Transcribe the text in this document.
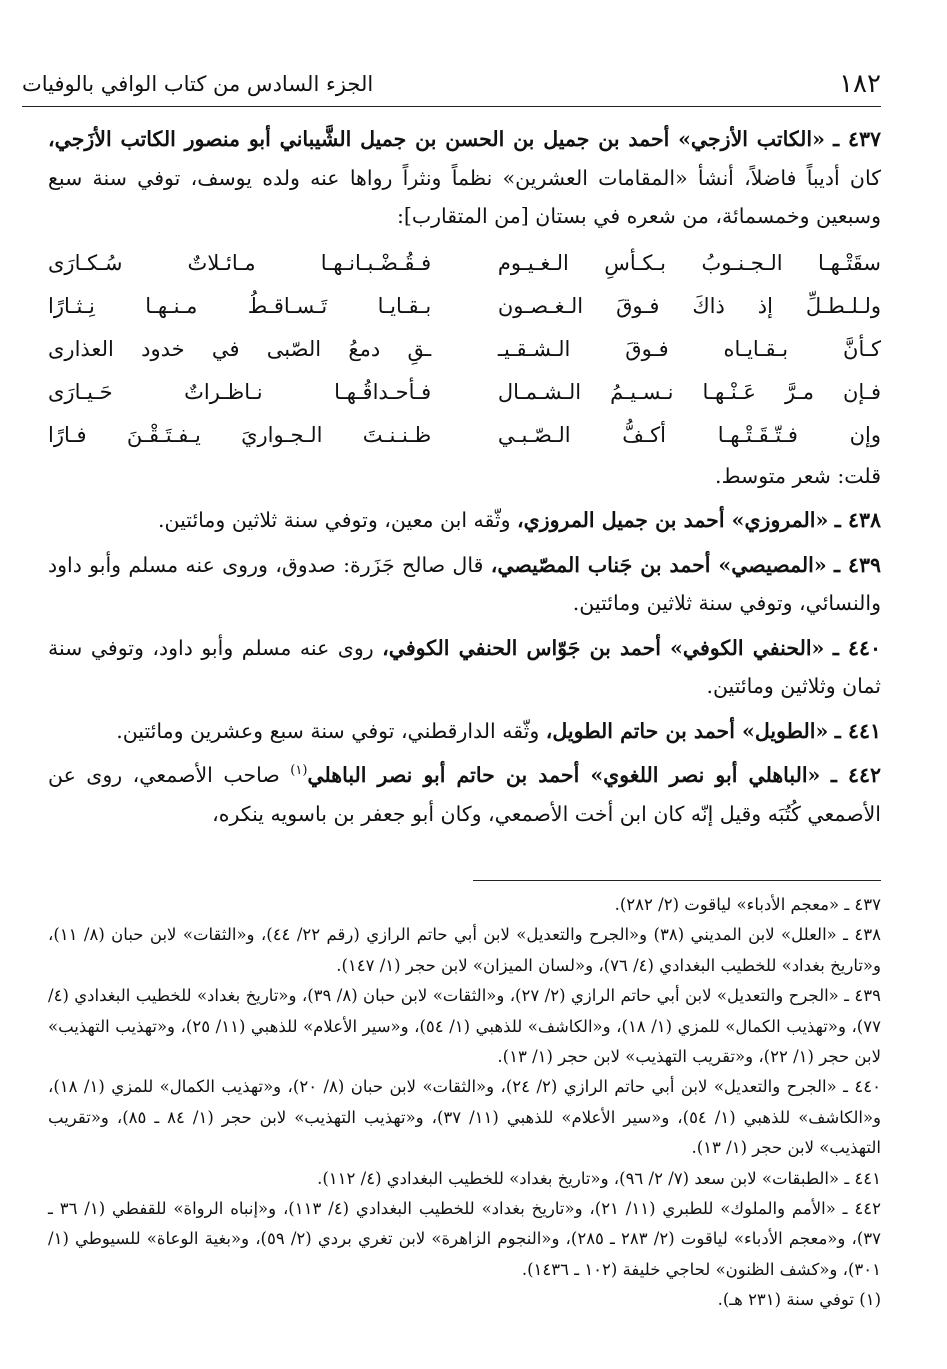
١٨٢
الجزء السادس من كتاب الوافي بالوفيات

٤٣٧ ـ «الكاتب الأزجي» أحمد بن جميل بن الحسن بن جميل الشَّيباني أبو منصور الكاتب الأزَجي، كان أديباً فاضلاً، أنشأ «المقامات العشرين» نظماً ونثراً رواها عنه ولده يوسف، توفي سنة سبع وسبعين وخمسمائة، من شعره في بستان [من المتقارب]:

سقَتْـهـا الـجـنـوبُ بـكـأسِ الـغـيـوم
فـقُـضْـبـانـهـا مـائـلاتٌ سُـكـارَى
ولـلـطـلِّ إذ ذاكَ فـوقَ الـغـصـون
بـقـايـا تَـسـاقـطُ مـنـهـا نِـثـارًا
كـأنَّ بـقـايـاه فـوقَ الـشـقـيـ
ـقِ دمعُ الصّبى في خدود العذارى
فـإن مـرَّ عَـنْـهـا نـسـيـمُ الـشـمـال
فـأحـداقُـهـا نـاظـراتٌ حَـيـارَى
وإن فـتّـقَـتْـهـا أكـفُّ الـصّـبـي
ظـنـنـتَ الـجـواريَ يـفـتَـقْـنَ فـارًا

قلت: شعر متوسط.

٤٣٨ ـ «المروزي» أحمد بن جميل المروزي، وثّقه ابن معين، وتوفي سنة ثلاثين ومائتين.

٤٣٩ ـ «المصيصي» أحمد بن جَناب المصّيصي، قال صالح جَزَرة: صدوق، وروى عنه مسلم وأبو داود والنسائي، وتوفي سنة ثلاثين ومائتين.

٤٤٠ ـ «الحنفي الكوفي» أحمد بن جَوّاس الحنفي الكوفي، روى عنه مسلم وأبو داود، وتوفي سنة ثمان وثلاثين ومائتين.

٤٤١ ـ «الطويل» أحمد بن حاتم الطويل، وثّقه الدارقطني، توفي سنة سبع وعشرين ومائتين.

٤٤٢ ـ «الباهلي أبو نصر اللغوي» أحمد بن حاتم أبو نصر الباهلي$^{(١)}$ صاحب الأصمعي، روى عن الأصمعي كُتُبَه وقيل إنّه كان ابن أخت الأصمعي، وكان أبو جعفر بن باسويه ينكره،

٤٣٧ ـ «معجم الأدباء» لياقوت (٢/ ٢٨٢).

٤٣٨ ـ «العلل» لابن المديني (٣٨) و«الجرح والتعديل» لابن أبي حاتم الرازي (رقم ٢٢/ ٤٤)، و«الثقات» لابن حبان (٨/ ١١)، و«تاريخ بغداد» للخطيب البغدادي (٤/ ٧٦)، و«لسان الميزان» لابن حجر (١/ ١٤٧).

٤٣٩ ـ «الجرح والتعديل» لابن أبي حاتم الرازي (٢/ ٢٧)، و«الثقات» لابن حبان (٨/ ٣٩)، و«تاريخ بغداد» للخطيب البغدادي (٤/ ٧٧)، و«تهذيب الكمال» للمزي (١/ ١٨)، و«الكاشف» للذهبي (١/ ٥٤)، و«سير الأعلام» للذهبي (١١/ ٢٥)، و«تهذيب التهذيب» لابن حجر (١/ ٢٢)، و«تقريب التهذيب» لابن حجر (١/ ١٣).

٤٤٠ ـ «الجرح والتعديل» لابن أبي حاتم الرازي (٢/ ٢٤)، و«الثقات» لابن حبان (٨/ ٢٠)، و«تهذيب الكمال» للمزي (١/ ١٨)، و«الكاشف» للذهبي (١/ ٥٤)، و«سير الأعلام» للذهبي (١١/ ٣٧)، و«تهذيب التهذيب» لابن حجر (١/ ٨٤ ـ ٨٥)، و«تقريب التهذيب» لابن حجر (١/ ١٣).

٤٤١ ـ «الطبقات» لابن سعد (٧/ ٢/ ٩٦)، و«تاريخ بغداد» للخطيب البغدادي (٤/ ١١٢).

٤٤٢ ـ «الأمم والملوك» للطبري (١١/ ٢١)، و«تاريخ بغداد» للخطيب البغدادي (٤/ ١١٣)، و«إنباه الرواة» للقفطي (١/ ٣٦ ـ ٣٧)، و«معجم الأدباء» لياقوت (٢/ ٢٨٣ ـ ٢٨٥)، و«النجوم الزاهرة» لابن تغري بردي (٢/ ٥٩)، و«بغية الوعاة» للسيوطي (١/ ٣٠١)، و«كشف الظنون» لحاجي خليفة (١٠٢ ـ ١٤٣٦).

(١) توفي سنة (٢٣١ هـ).
